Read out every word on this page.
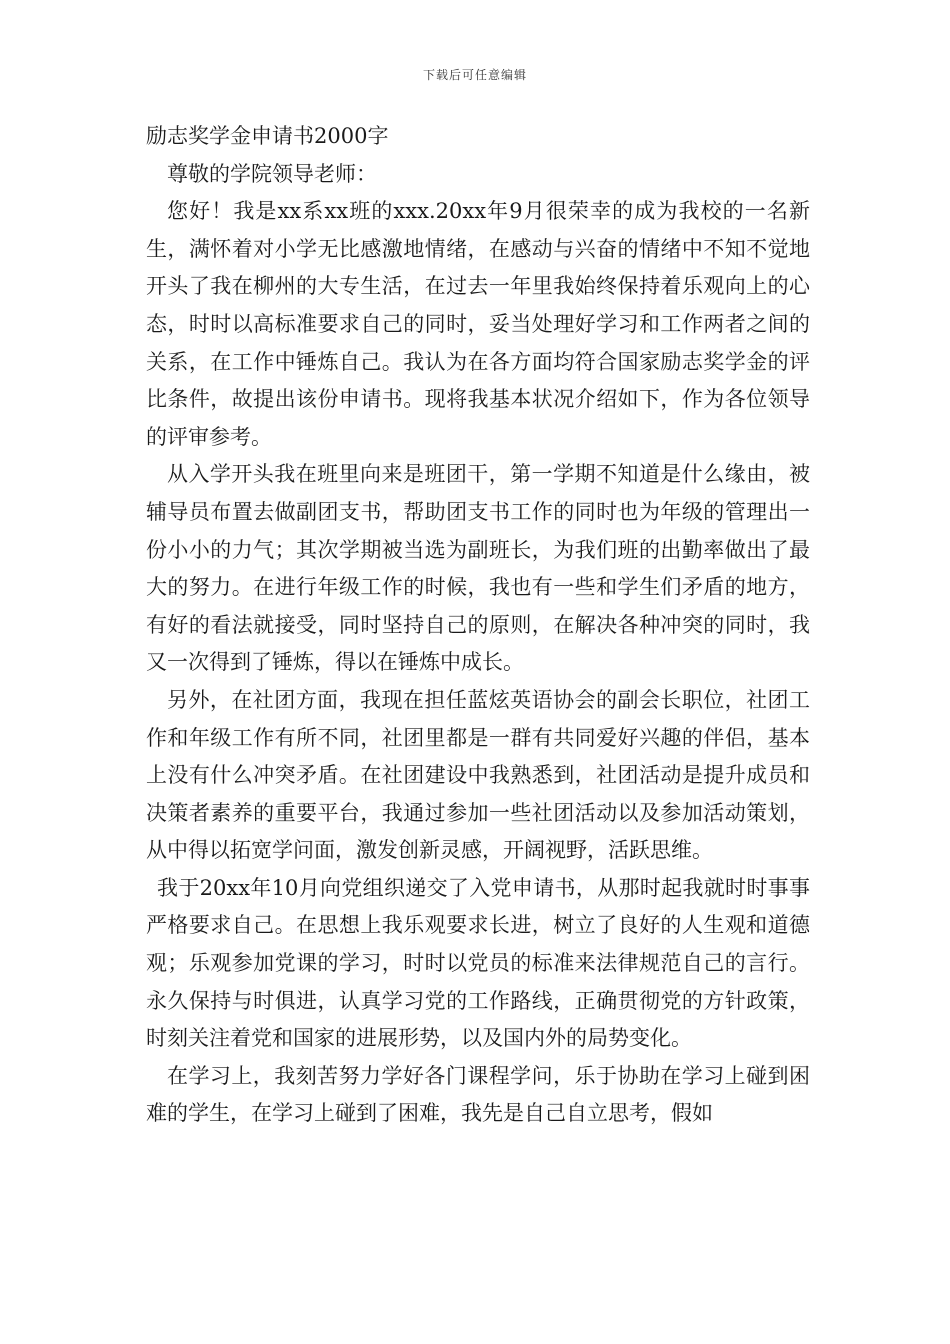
下载后可任意编辑

励志奖学金申请书2000字

尊敬的学院领导老师：

您好！我是xx系xx班的xxx.20xx年9月很荣幸的成为我校的一名新生，满怀着对小学无比感激地情绪，在感动与兴奋的情绪中不知不觉地开头了我在柳州的大专生活，在过去一年里我始终保持着乐观向上的心态，时时以高标准要求自己的同时，妥当处理好学习和工作两者之间的关系，在工作中锤炼自己。我认为在各方面均符合国家励志奖学金的评比条件，故提出该份申请书。现将我基本状况介绍如下，作为各位领导的评审参考。

从入学开头我在班里向来是班团干，第一学期不知道是什么缘由，被辅导员布置去做副团支书，帮助团支书工作的同时也为年级的管理出一份小小的力气；其次学期被当选为副班长，为我们班的出勤率做出了最大的努力。在进行年级工作的时候，我也有一些和学生们矛盾的地方，有好的看法就接受，同时坚持自己的原则，在解决各种冲突的同时，我又一次得到了锤炼，得以在锤炼中成长。

另外，在社团方面，我现在担任蓝炫英语协会的副会长职位，社团工作和年级工作有所不同，社团里都是一群有共同爱好兴趣的伴侣，基本上没有什么冲突矛盾。在社团建设中我熟悉到，社团活动是提升成员和决策者素养的重要平台，我通过参加一些社团活动以及参加活动策划，从中得以拓宽学问面，激发创新灵感，开阔视野，活跃思维。

我于20xx年10月向党组织递交了入党申请书，从那时起我就时时事事严格要求自己。在思想上我乐观要求长进，树立了良好的人生观和道德观；乐观参加党课的学习，时时以党员的标准来法律规范自己的言行。永久保持与时俱进，认真学习党的工作路线，正确贯彻党的方针政策，时刻关注着党和国家的进展形势，以及国内外的局势变化。

在学习上，我刻苦努力学好各门课程学问，乐于协助在学习上碰到困难的学生，在学习上碰到了困难，我先是自己自立思考，假如
